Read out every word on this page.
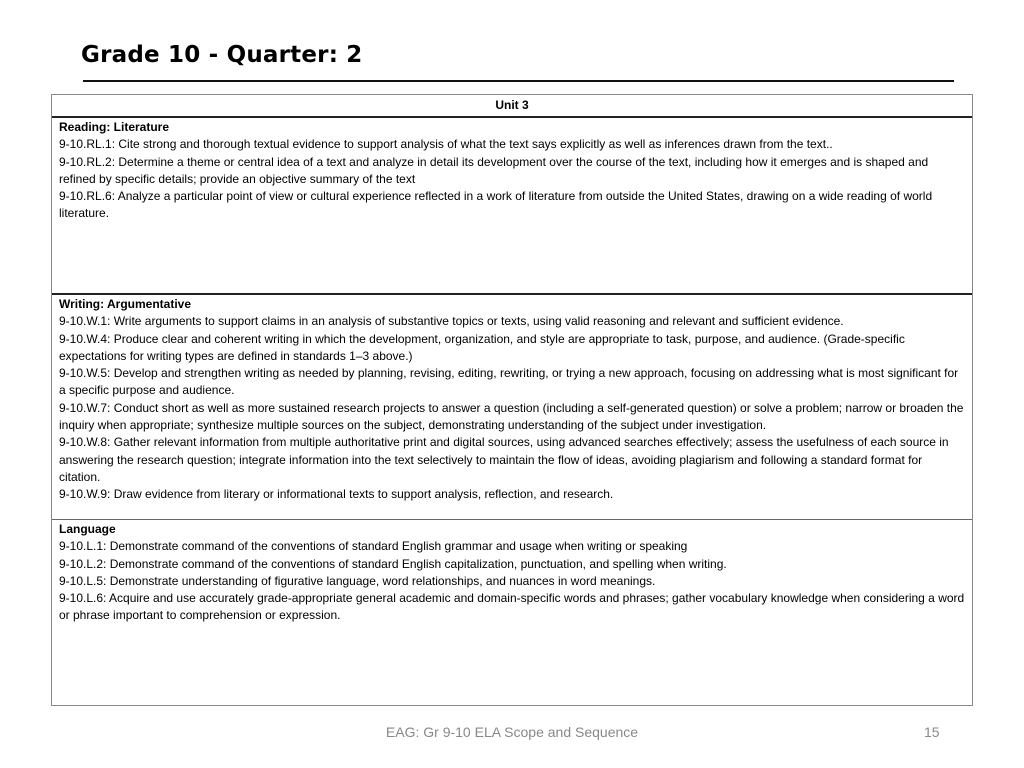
Grade 10 - Quarter: 2
Unit 3
Reading: Literature
9-10.RL.1: Cite strong and thorough textual evidence to support analysis of what the text says explicitly as well as inferences drawn from the text..
9-10.RL.2: Determine a theme or central idea of a text and analyze in detail its development over the course of the text, including how it emerges and is shaped and refined by specific details; provide an objective summary of the text
9-10.RL.6: Analyze a particular point of view or cultural experience reflected in a work of literature from outside the United States, drawing on a wide reading of world literature.
Writing: Argumentative
9-10.W.1: Write arguments to support claims in an analysis of substantive topics or texts, using valid reasoning and relevant and sufficient evidence.
9-10.W.4: Produce clear and coherent writing in which the development, organization, and style are appropriate to task, purpose, and audience. (Grade-specific expectations for writing types are defined in standards 1–3 above.)
9-10.W.5: Develop and strengthen writing as needed by planning, revising, editing, rewriting, or trying a new approach, focusing on addressing what is most significant for a specific purpose and audience.
9-10.W.7: Conduct short as well as more sustained research projects to answer a question (including a self-generated question) or solve a problem; narrow or broaden the inquiry when appropriate; synthesize multiple sources on the subject, demonstrating understanding of the subject under investigation.
9-10.W.8: Gather relevant information from multiple authoritative print and digital sources, using advanced searches effectively; assess the usefulness of each source in answering the research question; integrate information into the text selectively to maintain the flow of ideas, avoiding plagiarism and following a standard format for citation.
9-10.W.9: Draw evidence from literary or informational texts to support analysis, reflection, and research.
Language
9-10.L.1: Demonstrate command of the conventions of standard English grammar and usage when writing or speaking
9-10.L.2: Demonstrate command of the conventions of standard English capitalization, punctuation, and spelling when writing.
9-10.L.5: Demonstrate understanding of figurative language, word relationships, and nuances in word meanings.
9-10.L.6: Acquire and use accurately grade-appropriate general academic and domain-specific words and phrases; gather vocabulary knowledge when considering a word or phrase important to comprehension or expression.
EAG: Gr 9-10 ELA Scope and Sequence	15
